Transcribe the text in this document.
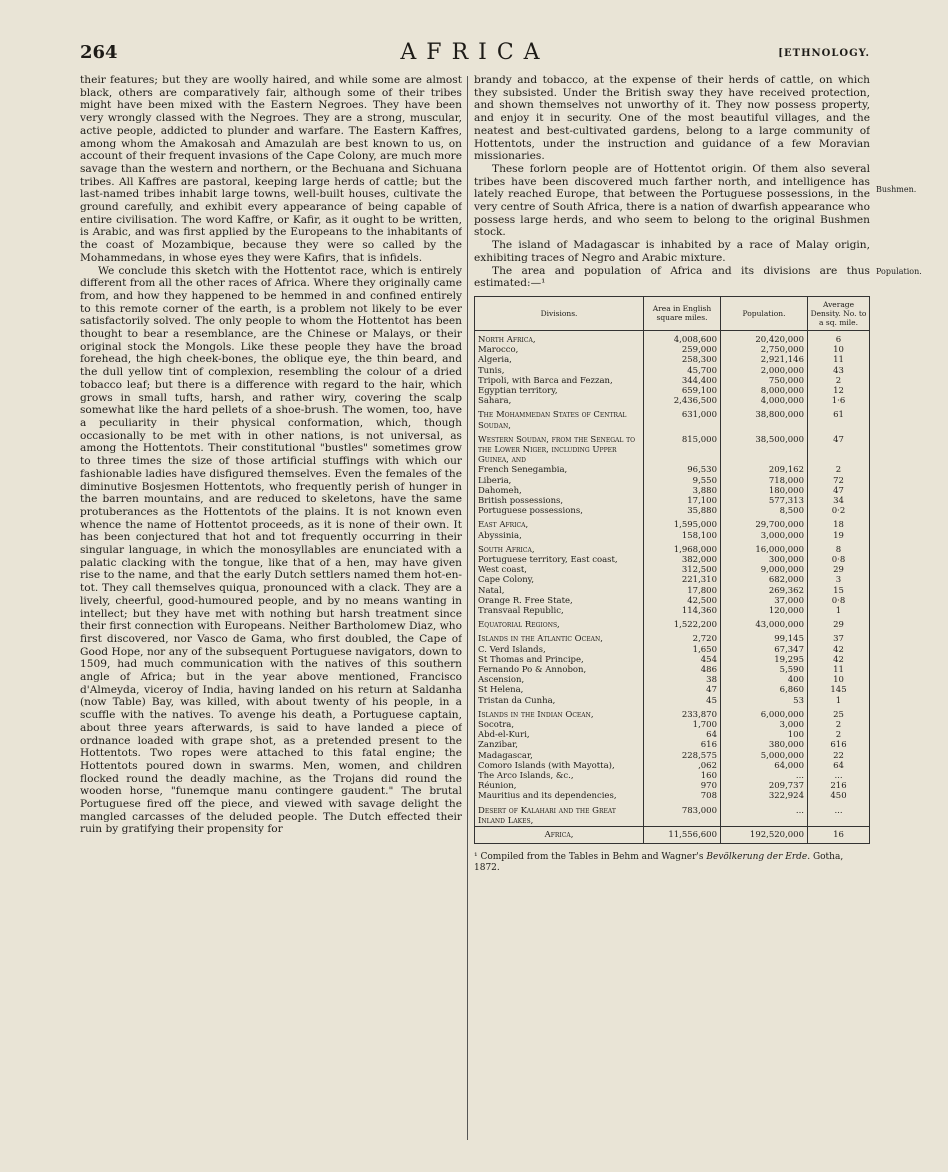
264	AFRICA	[ETHNOLOGY.

their features; but they are woolly haired, and while some are almost black, others are comparatively fair, although some of their tribes might have been mixed with the Eastern Negroes. They have been very wrongly classed with the Negroes. They are a strong, muscular, active people, addicted to plunder and warfare. The Eastern Kaffres, among whom the Amakosah and Amazulah are best known to us, on account of their frequent invasions of the Cape Colony, are much more savage than the western and northern, or the Bechuana and Sichuana tribes. All Kaffres are pastoral, keeping large herds of cattle; but the last-named tribes inhabit large towns, well-built houses, cultivate the ground carefully, and exhibit every appearance of being capable of entire civilisation. The word Kaffre, or Kafir, as it ought to be written, is Arabic, and was first applied by the Europeans to the inhabitants of the coast of Mozambique, because they were so called by the Mohammedans, in whose eyes they were Kafirs, that is infidels.

We conclude this sketch with the Hottentot race, which is entirely different from all the other races of Africa. Where they originally came from, and how they happened to be hemmed in and confined entirely to this remote corner of the earth, is a problem not likely to be ever satisfactorily solved. The only people to whom the Hottentot has been thought to bear a resemblance, are the Chinese or Malays, or their original stock the Mongols. Like these people they have the broad forehead, the high cheek-bones, the oblique eye, the thin beard, and the dull yellow tint of complexion, resembling the colour of a dried tobacco leaf; but there is a difference with regard to the hair, which grows in small tufts, harsh, and rather wiry, covering the scalp somewhat like the hard pellets of a shoe-brush. The women, too, have a peculiarity in their physical conformation, which, though occasionally to be met with in other nations, is not universal, as among the Hottentots. Their constitutional "bustles" sometimes grow to three times the size of those artificial stuffings with which our fashionable ladies have disfigured themselves. Even the females of the diminutive Bosjesmen Hottentots, who frequently perish of hunger in the barren mountains, and are reduced to skeletons, have the same protuberances as the Hottentots of the plains. It is not known even whence the name of Hottentot proceeds, as it is none of their own. It has been conjectured that hot and tot frequently occurring in their singular language, in which the monosyllables are enunciated with a palatic clacking with the tongue, like that of a hen, may have given rise to the name, and that the early Dutch settlers named them hot-en-tot. They call themselves quiqua, pronounced with a clack. They are a lively, cheerful, good-humoured people, and by no means wanting in intellect; but they have met with nothing but harsh treatment since their first connection with Europeans. Neither Bartholomew Diaz, who first discovered, nor Vasco de Gama, who first doubled, the Cape of Good Hope, nor any of the subsequent Portuguese navigators, down to 1509, had much communication with the natives of this southern angle of Africa; but in the year above mentioned, Francisco d'Almeyda, viceroy of India, having landed on his return at Saldanha (now Table) Bay, was killed, with about twenty of his people, in a scuffle with the natives. To avenge his death, a Portuguese captain, about three years afterwards, is said to have landed a piece of ordnance loaded with grape shot, as a pretended present to the Hottentots. Two ropes were attached to this fatal engine; the Hottentots poured down in swarms. Men, women, and children flocked round the deadly machine, as the Trojans did round the wooden horse, "funemque manu contingere gaudent." The brutal Portuguese fired off the piece, and viewed with savage delight the mangled carcasses of the deluded people. The Dutch effected their ruin by gratifying their propensity for

brandy and tobacco, at the expense of their herds of cattle, on which they subsisted. Under the British sway they have received protection, and shown themselves not unworthy of it. They now possess property, and enjoy it in security. One of the most beautiful villages, and the neatest and best-cultivated gardens, belong to a large community of Hottentots, under the instruction and guidance of a few Moravian missionaries.

These forlorn people are of Hottentot origin. Of them also several tribes have been discovered much farther north, and intelligence has lately reached Europe, that between the Portuguese possessions, in the very centre of South Africa, there is a nation of dwarfish appearance who possess large herds, and who seem to belong to the original Bushmen stock.

The island of Madagascar is inhabited by a race of Malay origin, exhibiting traces of Negro and Arabic mixture.

The area and population of Africa and its divisions are thus estimated:—¹

Divisions.	Area in English square miles.	Population.	Average Density. No. to a sq. mile.
North Africa,	4,008,600	20,420,000	6
Marocco,	259,000	2,750,000	10
Algeria,	258,300	2,921,146	11
Tunis,	45,700	2,000,000	43
Tripoli, with Barca and Fezzan,	344,400	750,000	2
Egyptian territory,	659,100	8,000,000	12
Sahara,	2,436,500	4,000,000	1·6
The Mohammedan States of Central Soudan,	631,000	38,800,000	61
Western Soudan, from the Senegal to the Lower Niger, including Upper Guinea, and	815,000	38,500,000	47
French Senegambia,	96,530	209,162	2
Liberia,	9,550	718,000	72
Dahomeh,	3,880	180,000	47
British possessions,	17,100	577,313	34
Portuguese possessions,	35,880	8,500	0·2
East Africa,	1,595,000	29,700,000	18
Abyssinia,	158,100	3,000,000	19
South Africa,	1,968,000	16,000,000	8
Portuguese territory, East coast,	382,000	300,000	0·8
West coast,	312,500	9,000,000	29
Cape Colony,	221,310	682,000	3
Natal,	17,800	269,362	15
Orange R. Free State,	42,500	37,000	0·8
Transvaal Republic,	114,360	120,000	1
Equatorial Regions,	1,522,200	43,000,000	29
Islands in the Atlantic Ocean,	2,720	99,145	37
C. Verd Islands,	1,650	67,347	42
St Thomas and Principe,	454	19,295	42
Fernando Po & Annobon,	486	5,590	11
Ascension,	38	400	10
St Helena,	47	6,860	145
Tristan da Cunha,	45	53	1
Islands in the Indian Ocean,	233,870	6,000,000	25
Socotra,	1,700	3,000	2
Abd-el-Kuri,	64	100	2
Zanzibar,	616	380,000	616
Madagascar,	228,575	5,000,000	22
Comoro Islands (with Mayotta),	,062	64,000	64
The Arco Islands, &c.,	160	...	...
Réunion,	970	209,737	216
Mauritius and its dependencies,	708	322,924	450
Desert of Kalahari and the Great Inland Lakes,	783,000	...	...
Africa,	11,556,600	192,520,000	16
¹ Compiled from the Tables in Behm and Wagner's Bevölkerung der Erde. Gotha, 1872.
Bushmen.
Population.
